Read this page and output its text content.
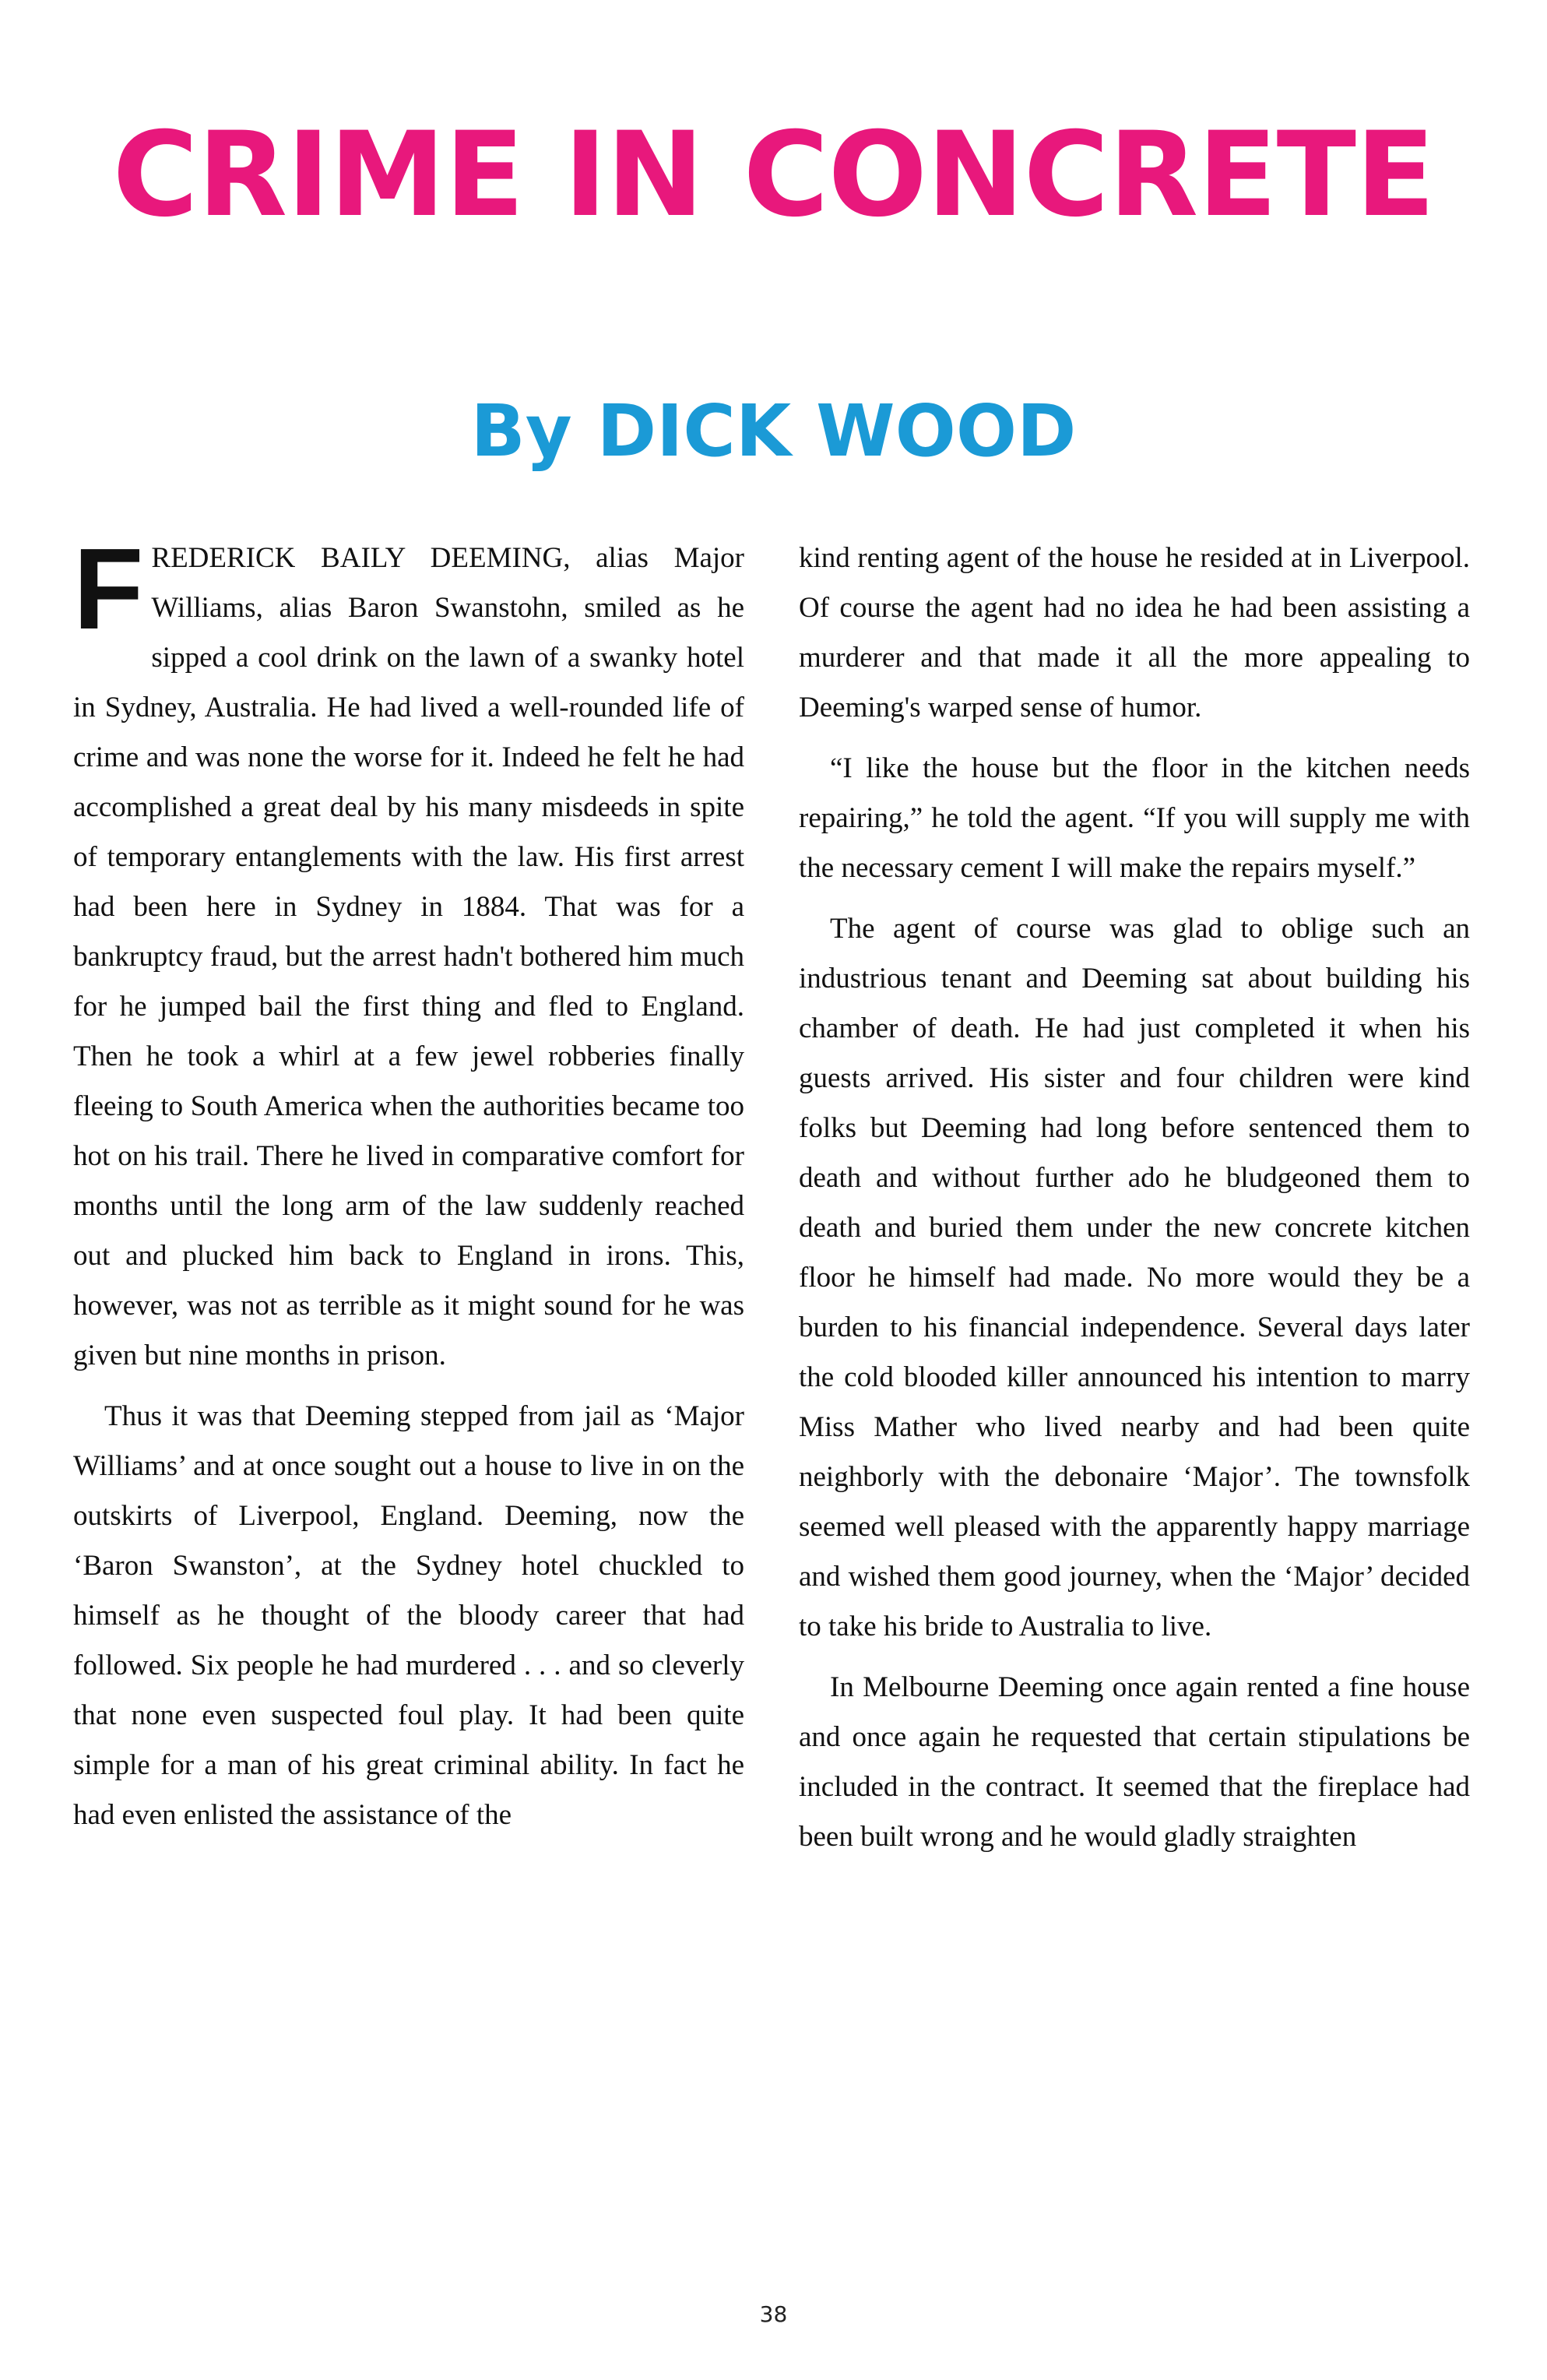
CRIME IN CONCRETE
By DICK WOOD

FREDERICK BAILY DEEMING, alias Major Williams, alias Baron Swanstohn, smiled as he sipped a cool drink on the lawn of a swanky hotel in Sydney, Australia. He had lived a well-rounded life of crime and was none the worse for it. Indeed he felt he had accomplished a great deal by his many misdeeds in spite of temporary entanglements with the law. His first arrest had been here in Sydney in 1884. That was for a bankruptcy fraud, but the arrest hadn't bothered him much for he jumped bail the first thing and fled to England. Then he took a whirl at a few jewel robberies finally fleeing to South America when the authorities became too hot on his trail. There he lived in comparative comfort for months until the long arm of the law suddenly reached out and plucked him back to England in irons. This, however, was not as terrible as it might sound for he was given but nine months in prison.

Thus it was that Deeming stepped from jail as ‘Major Williams’ and at once sought out a house to live in on the outskirts of Liverpool, England. Deeming, now the ‘Baron Swanston’, at the Sydney hotel chuckled to himself as he thought of the bloody career that had followed. Six people he had murdered . . . and so cleverly that none even suspected foul play. It had been quite simple for a man of his great criminal ability. In fact he had even enlisted the assistance of the

kind renting agent of the house he resided at in Liverpool. Of course the agent had no idea he had been assisting a murderer and that made it all the more appealing to Deeming's warped sense of humor.

“I like the house but the floor in the kitchen needs repairing,” he told the agent. “If you will supply me with the necessary cement I will make the repairs myself.”

The agent of course was glad to oblige such an industrious tenant and Deeming sat about building his chamber of death. He had just completed it when his guests arrived. His sister and four children were kind folks but Deeming had long before sentenced them to death and without further ado he bludgeoned them to death and buried them under the new concrete kitchen floor he himself had made. No more would they be a burden to his financial independence. Several days later the cold blooded killer announced his intention to marry Miss Mather who lived nearby and had been quite neighborly with the debonaire ‘Major’. The townsfolk seemed well pleased with the apparently happy marriage and wished them good journey, when the ‘Major’ decided to take his bride to Australia to live.

In Melbourne Deeming once again rented a fine house and once again he requested that certain stipulations be included in the contract. It seemed that the fireplace had been built wrong and he would gladly straighten

38
